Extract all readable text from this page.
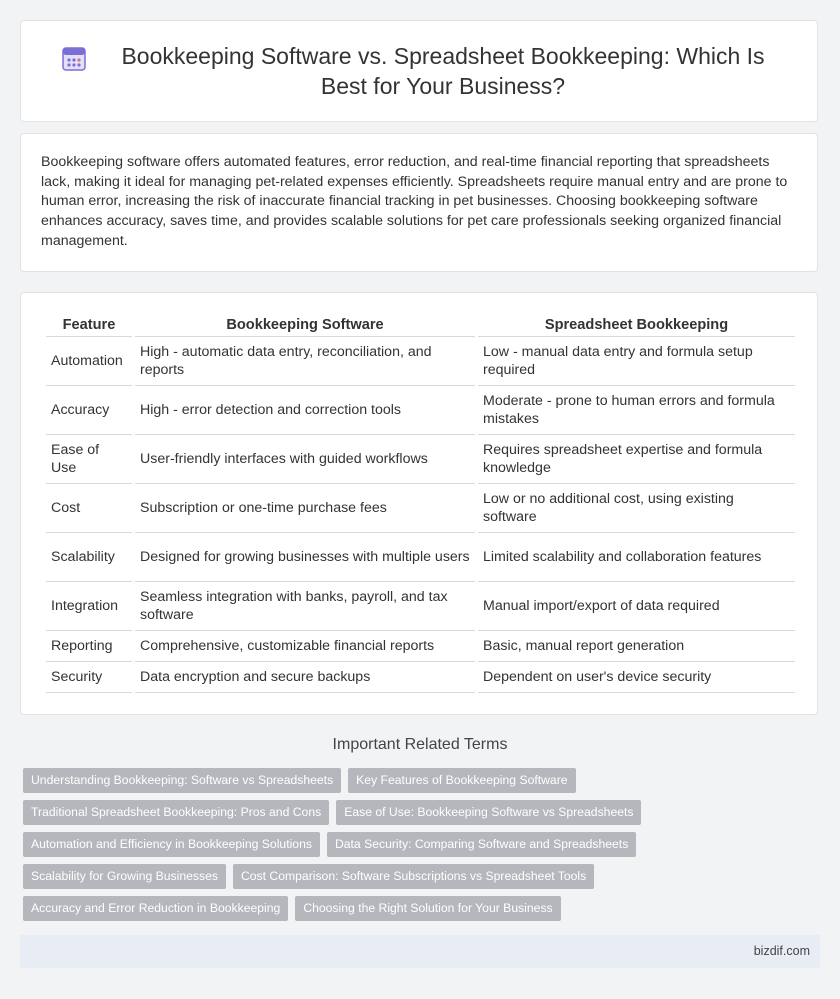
Bookkeeping Software vs. Spreadsheet Bookkeeping: Which Is Best for Your Business?

Bookkeeping software offers automated features, error reduction, and real-time financial reporting that spreadsheets lack, making it ideal for managing pet-related expenses efficiently. Spreadsheets require manual entry and are prone to human error, increasing the risk of inaccurate financial tracking in pet businesses. Choosing bookkeeping software enhances accuracy, saves time, and provides scalable solutions for pet care professionals seeking organized financial management.

Feature	Bookkeeping Software	Spreadsheet Bookkeeping
Automation	High - automatic data entry, reconciliation, and reports	Low - manual data entry and formula setup required
Accuracy	High - error detection and correction tools	Moderate - prone to human errors and formula mistakes
Ease of Use	User-friendly interfaces with guided workflows	Requires spreadsheet expertise and formula knowledge
Cost	Subscription or one-time purchase fees	Low or no additional cost, using existing software
Scalability	Designed for growing businesses with multiple users	Limited scalability and collaboration features
Integration	Seamless integration with banks, payroll, and tax software	Manual import/export of data required
Reporting	Comprehensive, customizable financial reports	Basic, manual report generation
Security	Data encryption and secure backups	Dependent on user's device security
Important Related Terms
Understanding Bookkeeping: Software vs Spreadsheets	Key Features of Bookkeeping Software
Traditional Spreadsheet Bookkeeping: Pros and Cons	Ease of Use: Bookkeeping Software vs Spreadsheets
Automation and Efficiency in Bookkeeping Solutions	Data Security: Comparing Software and Spreadsheets
Scalability for Growing Businesses	Cost Comparison: Software Subscriptions vs Spreadsheet Tools
Accuracy and Error Reduction in Bookkeeping	Choosing the Right Solution for Your Business
bizdif.com
